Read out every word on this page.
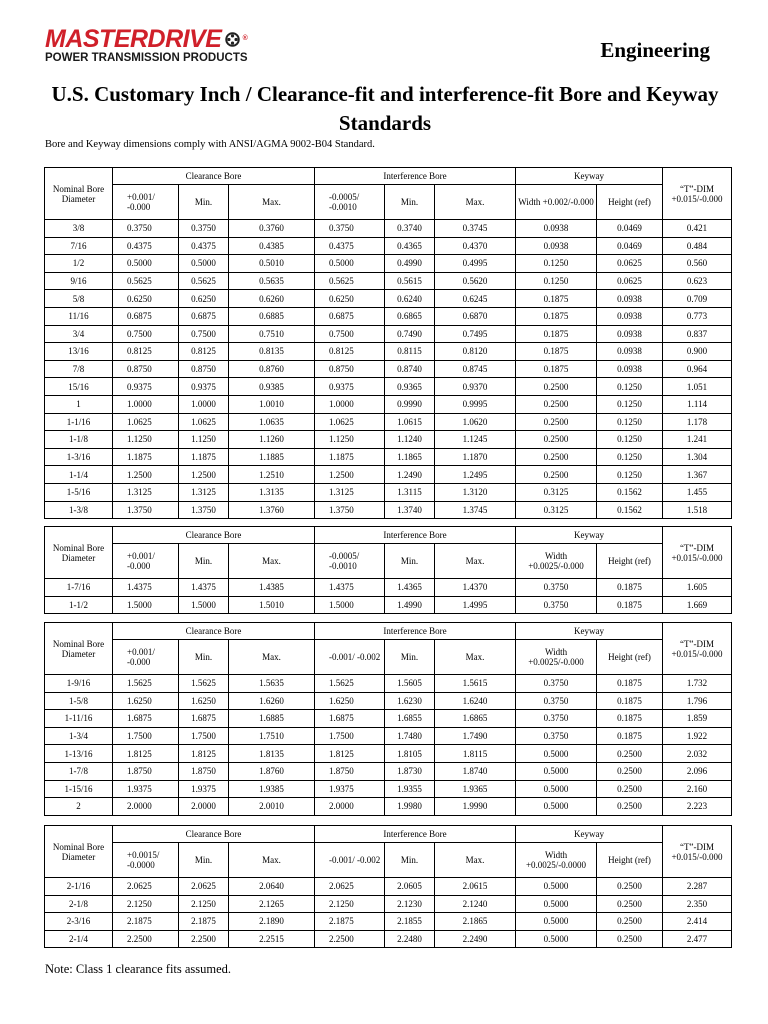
MASTERDRIVE	®
POWER TRANSMISSION PRODUCTS	Engineering
U.S. Customary Inch / Clearance-fit and interference-fit Bore and Keyway Standards
Bore and Keyway dimensions comply with ANSI/AGMA 9002-B04 Standard.
Nominal Bore Diameter	Clearance Bore			Interference Bore			Keyway		“T”-DIM +0.015/-0.000
	+0.001/ -0.000	Min.	Max.	-0.0005/ -0.0010	Min.	Max.	Width +0.002/-0.000	Height (ref)	
3/8	0.3750	0.3750	0.3760	0.3750	0.3740	0.3745	0.0938	0.0469	0.421
7/16	0.4375	0.4375	0.4385	0.4375	0.4365	0.4370	0.0938	0.0469	0.484
1/2	0.5000	0.5000	0.5010	0.5000	0.4990	0.4995	0.1250	0.0625	0.560
9/16	0.5625	0.5625	0.5635	0.5625	0.5615	0.5620	0.1250	0.0625	0.623
5/8	0.6250	0.6250	0.6260	0.6250	0.6240	0.6245	0.1875	0.0938	0.709
11/16	0.6875	0.6875	0.6885	0.6875	0.6865	0.6870	0.1875	0.0938	0.773
3/4	0.7500	0.7500	0.7510	0.7500	0.7490	0.7495	0.1875	0.0938	0.837
13/16	0.8125	0.8125	0.8135	0.8125	0.8115	0.8120	0.1875	0.0938	0.900
7/8	0.8750	0.8750	0.8760	0.8750	0.8740	0.8745	0.1875	0.0938	0.964
15/16	0.9375	0.9375	0.9385	0.9375	0.9365	0.9370	0.2500	0.1250	1.051
1	1.0000	1.0000	1.0010	1.0000	0.9990	0.9995	0.2500	0.1250	1.114
1-1/16	1.0625	1.0625	1.0635	1.0625	1.0615	1.0620	0.2500	0.1250	1.178
1-1/8	1.1250	1.1250	1.1260	1.1250	1.1240	1.1245	0.2500	0.1250	1.241
1-3/16	1.1875	1.1875	1.1885	1.1875	1.1865	1.1870	0.2500	0.1250	1.304
1-1/4	1.2500	1.2500	1.2510	1.2500	1.2490	1.2495	0.2500	0.1250	1.367
1-5/16	1.3125	1.3125	1.3135	1.3125	1.3115	1.3120	0.3125	0.1562	1.455
1-3/8	1.3750	1.3750	1.3760	1.3750	1.3740	1.3745	0.3125	0.1562	1.518
Nominal Bore Diameter	Clearance Bore			Interference Bore			Keyway		“T”-DIM +0.015/-0.000
	+0.001/ -0.000	Min.	Max.	-0.0005/ -0.0010	Min.	Max.	Width +0.0025/-0.000	Height (ref)	
1-7/16	1.4375	1.4375	1.4385	1.4375	1.4365	1.4370	0.3750	0.1875	1.605
1-1/2	1.5000	1.5000	1.5010	1.5000	1.4990	1.4995	0.3750	0.1875	1.669
Nominal Bore Diameter	Clearance Bore			Interference Bore			Keyway		“T”-DIM +0.015/-0.000
	+0.001/ -0.000	Min.	Max.	-0.001/ -0.002	Min.	Max.	Width +0.0025/-0.000	Height (ref)	
1-9/16	1.5625	1.5625	1.5635	1.5625	1.5605	1.5615	0.3750	0.1875	1.732
1-5/8	1.6250	1.6250	1.6260	1.6250	1.6230	1.6240	0.3750	0.1875	1.796
1-11/16	1.6875	1.6875	1.6885	1.6875	1.6855	1.6865	0.3750	0.1875	1.859
1-3/4	1.7500	1.7500	1.7510	1.7500	1.7480	1.7490	0.3750	0.1875	1.922
1-13/16	1.8125	1.8125	1.8135	1.8125	1.8105	1.8115	0.5000	0.2500	2.032
1-7/8	1.8750	1.8750	1.8760	1.8750	1.8730	1.8740	0.5000	0.2500	2.096
1-15/16	1.9375	1.9375	1.9385	1.9375	1.9355	1.9365	0.5000	0.2500	2.160
2	2.0000	2.0000	2.0010	2.0000	1.9980	1.9990	0.5000	0.2500	2.223
Nominal Bore Diameter	Clearance Bore			Interference Bore			Keyway		“T”-DIM +0.015/-0.000
	+0.0015/ -0.0000	Min.	Max.	-0.001/ -0.002	Min.	Max.	Width +0.0025/-0.0000	Height (ref)	
2-1/16	2.0625	2.0625	2.0640	2.0625	2.0605	2.0615	0.5000	0.2500	2.287
2-1/8	2.1250	2.1250	2.1265	2.1250	2.1230	2.1240	0.5000	0.2500	2.350
2-3/16	2.1875	2.1875	2.1890	2.1875	2.1855	2.1865	0.5000	0.2500	2.414
2-1/4	2.2500	2.2500	2.2515	2.2500	2.2480	2.2490	0.5000	0.2500	2.477
Note: Class 1 clearance fits assumed.
